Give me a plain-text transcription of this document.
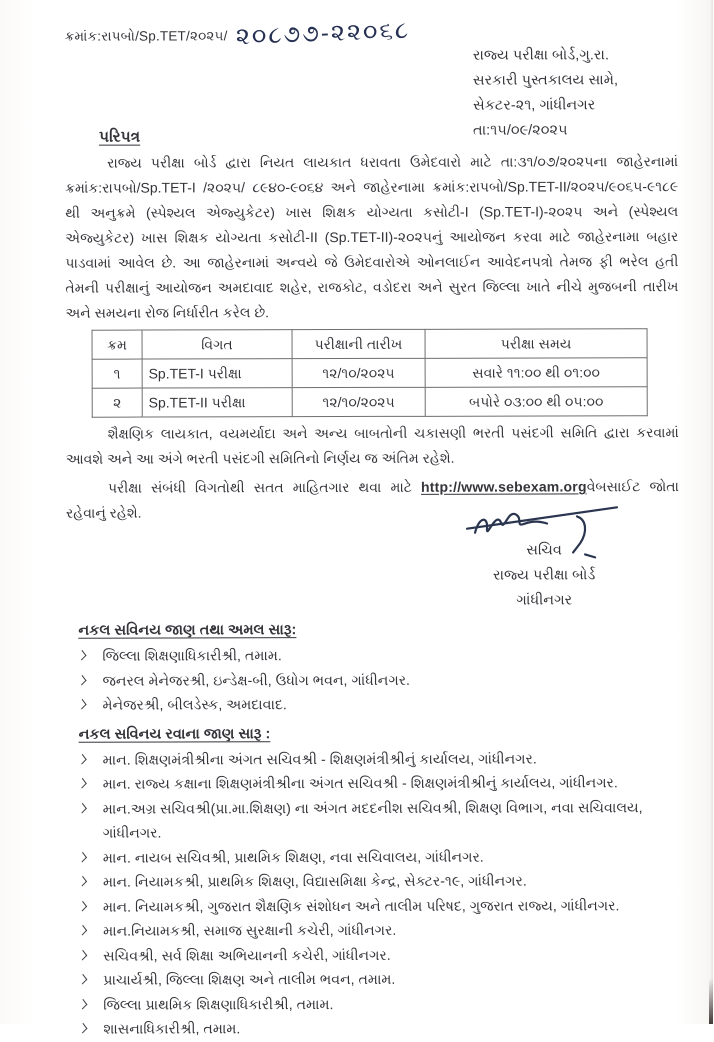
ક્રમાંક:રાપબો/Sp.TET/૨૦૨૫/ ૨૦૮૭૭-૨૨૦૬૮
રાજ્ય પરીક્ષા બોર્ડ,ગુ.રા.
સરકારી પુસ્તકાલય સામે,
સેકટર-૨૧, ગાંધીનગર
તા:૧૫/૦૯/૨૦૨૫
પરિપત્ર

રાજ્ય પરીક્ષા બોર્ડ દ્વારા નિયત લાયકાત ધરાવતા ઉમેદવારો માટે તા:૩૧/૦૭/૨૦૨૫ના જાહેરનામાં ક્રમાંક:રાપબો/Sp.TET-I /૨૦૨૫/ ૮૯૪૦-૯૦૬૪ અને જાહેરનામા ક્રમાંક:રાપબો/Sp.TET-II/૨૦૨૫/૯૦૬૫-૯૧૮૯ થી અનુક્રમે (સ્પેશ્યલ એજ્યુકેટર) ખાસ શિક્ષક યોગ્યતા કસોટી-I (Sp.TET-I)-૨૦૨૫ અને (સ્પેશ્યલ એજ્યુકેટર) ખાસ શિક્ષક યોગ્યતા કસોટી-II (Sp.TET-II)-૨૦૨૫નું આયોજન કરવા માટે જાહેરનામા બહાર પાડવામાં આવેલ છે. આ જાહેરનામાં અન્વયે જે ઉમેદવારોએ ઓનલાઈન આવેદનપત્રો તેમજ ફી ભરેલ હતી તેમની પરીક્ષાનું આયોજન અમદાવાદ શહેર, રાજકોટ, વડોદરા અને સુરત જિલ્લા ખાતે નીચે મુજબની તારીખ અને સમયના રોજ નિર્ધારીત કરેલ છે.

ક્રમ	વિગત	પરીક્ષાની તારીખ	પરીક્ષા સમય
૧	Sp.TET-I પરીક્ષા	૧૨/૧૦/૨૦૨૫	સવારે ૧૧:૦૦ થી ૦૧:૦૦
૨	Sp.TET-II પરીક્ષા	૧૨/૧૦/૨૦૨૫	બપોરે ૦૩:૦૦ થી ૦૫:૦૦

શૈક્ષણિક લાયકાત, વયમર્યાદા અને અન્ય બાબતોની ચકાસણી ભરતી પસંદગી સમિતિ દ્વારા કરવામાં આવશે અને આ અંગે ભરતી પસંદગી સમિતિનો નિર્ણય જ અંતિમ રહેશે.

પરીક્ષા સંબંધી વિગતોથી સતત માહિતગાર થવા માટે http://www.sebexam.orgવેબસાઈટ જોતા રહેવાનું રહેશે.

સચિવ
રાજ્ય પરીક્ષા બોર્ડ
ગાંધીનગર
નકલ સવિનય જાણ તથા અમલ સારૂ:
જિલ્લા શિક્ષણાધિકારીશ્રી, તમામ.
જનરલ મેનેજરશ્રી, ઇન્ડેક્ષ-બી, ઉધોગ ભવન, ગાંધીનગર.
મેનેજરશ્રી, બીલડેસ્ક, અમદાવાદ.
નકલ સવિનય રવાના જાણ સારૂ :
માન. શિક્ષણમંત્રીશ્રીના અંગત સચિવશ્રી - શિક્ષણમંત્રીશ્રીનું કાર્યાલય, ગાંધીનગર.
માન. રાજ્ય કક્ષાના શિક્ષણમંત્રીશ્રીના અંગત સચિવશ્રી - શિક્ષણમંત્રીશ્રીનું કાર્યાલય, ગાંધીનગર.
માન.અગ્ર સચિવશ્રી(પ્રા.મા.શિક્ષણ) ના અંગત મદદનીશ સચિવશ્રી, શિક્ષણ વિભાગ, નવા સચિવાલય, ગાંધીનગર.
માન. નાયબ સચિવશ્રી, પ્રાથમિક શિક્ષણ, નવા સચિવાલય, ગાંધીનગર.
માન. નિયામકશ્રી, પ્રાથમિક શિક્ષણ, વિદ્યાસમિક્ષા કેન્દ્ર, સેક્ટર-૧૯, ગાંધીનગર.
માન. નિયામકશ્રી, ગુજરાત શૈક્ષણિક સંશોધન અને તાલીમ પરિષદ, ગુજરાત રાજ્ય, ગાંધીનગર.
માન.નિયામકશ્રી, સમાજ સુરક્ષાની કચેરી, ગાંધીનગર.
સચિવશ્રી, સર્વ શિક્ષા અભિયાનની કચેરી, ગાંધીનગર.
પ્રાચાર્યશ્રી, જિલ્લા શિક્ષણ અને તાલીમ ભવન, તમામ.
જિલ્લા પ્રાથમિક શિક્ષણાધિકારીશ્રી, તમામ.
શાસનાધિકારીશ્રી, તમામ.
